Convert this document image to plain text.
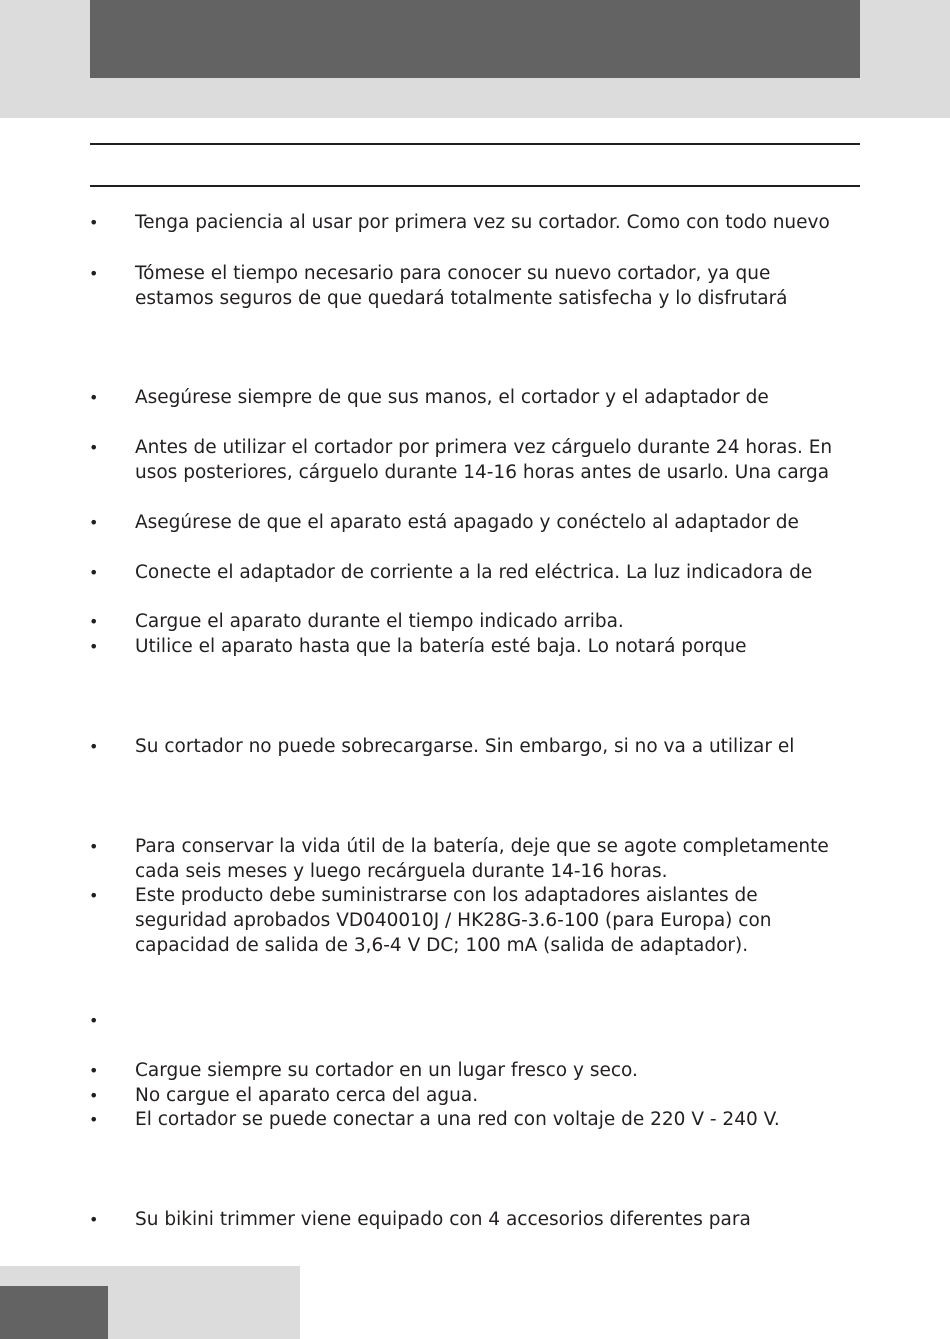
• Tenga paciencia al usar por primera vez su cortador. Como con todo nuevo
• Tómese el tiempo necesario para conocer su nuevo cortador, ya que
estamos seguros de que quedará totalmente satisfecha y lo disfrutará
• Asegúrese siempre de que sus manos, el cortador y el adaptador de
• Antes de utilizar el cortador por primera vez cárguelo durante 24 horas. En
usos posteriores, cárguelo durante 14-16 horas antes de usarlo. Una carga
• Asegúrese de que el aparato está apagado y conéctelo al adaptador de
• Conecte el adaptador de corriente a la red eléctrica. La luz indicadora de
• Cargue el aparato durante el tiempo indicado arriba.
• Utilice el aparato hasta que la batería esté baja. Lo notará porque
• Su cortador no puede sobrecargarse. Sin embargo, si no va a utilizar el
• Para conservar la vida útil de la batería, deje que se agote completamente
cada seis meses y luego recárguela durante 14-16 horas.
• Este producto debe suministrarse con los adaptadores aislantes de
seguridad aprobados VD040010J / HK28G-3.6-100 (para Europa) con
capacidad de salida de 3,6-4 V DC; 100 mA (salida de adaptador).
•
• Cargue siempre su cortador en un lugar fresco y seco.
• No cargue el aparato cerca del agua.
• El cortador se puede conectar a una red con voltaje de 220 V - 240 V.
• Su bikini trimmer viene equipado con 4 accesorios diferentes para
